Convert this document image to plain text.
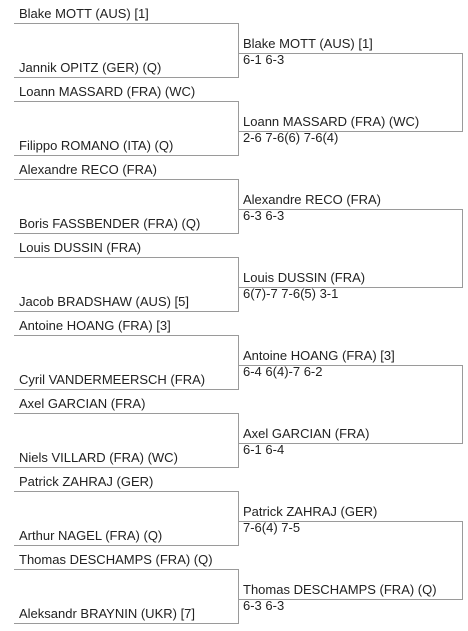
Blake MOTT (AUS) [1]
Jannik OPITZ (GER) (Q)
Blake MOTT (AUS) [1]
6-1 6-3
Loann MASSARD (FRA) (WC)
Filippo ROMANO (ITA) (Q)
Loann MASSARD (FRA) (WC)
2-6 7-6(6) 7-6(4)
Alexandre RECO (FRA)
Boris FASSBENDER (FRA) (Q)
Alexandre RECO (FRA)
6-3 6-3
Louis DUSSIN (FRA)
Jacob BRADSHAW (AUS) [5]
Louis DUSSIN (FRA)
6(7)-7 7-6(5) 3-1
Antoine HOANG (FRA) [3]
Cyril VANDERMEERSCH (FRA)
Antoine HOANG (FRA) [3]
6-4 6(4)-7 6-2
Axel GARCIAN (FRA)
Niels VILLARD (FRA) (WC)
Axel GARCIAN (FRA)
6-1 6-4
Patrick ZAHRAJ (GER)
Arthur NAGEL (FRA) (Q)
Patrick ZAHRAJ (GER)
7-6(4) 7-5
Thomas DESCHAMPS (FRA) (Q)
Aleksandr BRAYNIN (UKR) [7]
Thomas DESCHAMPS (FRA) (Q)
6-3 6-3
